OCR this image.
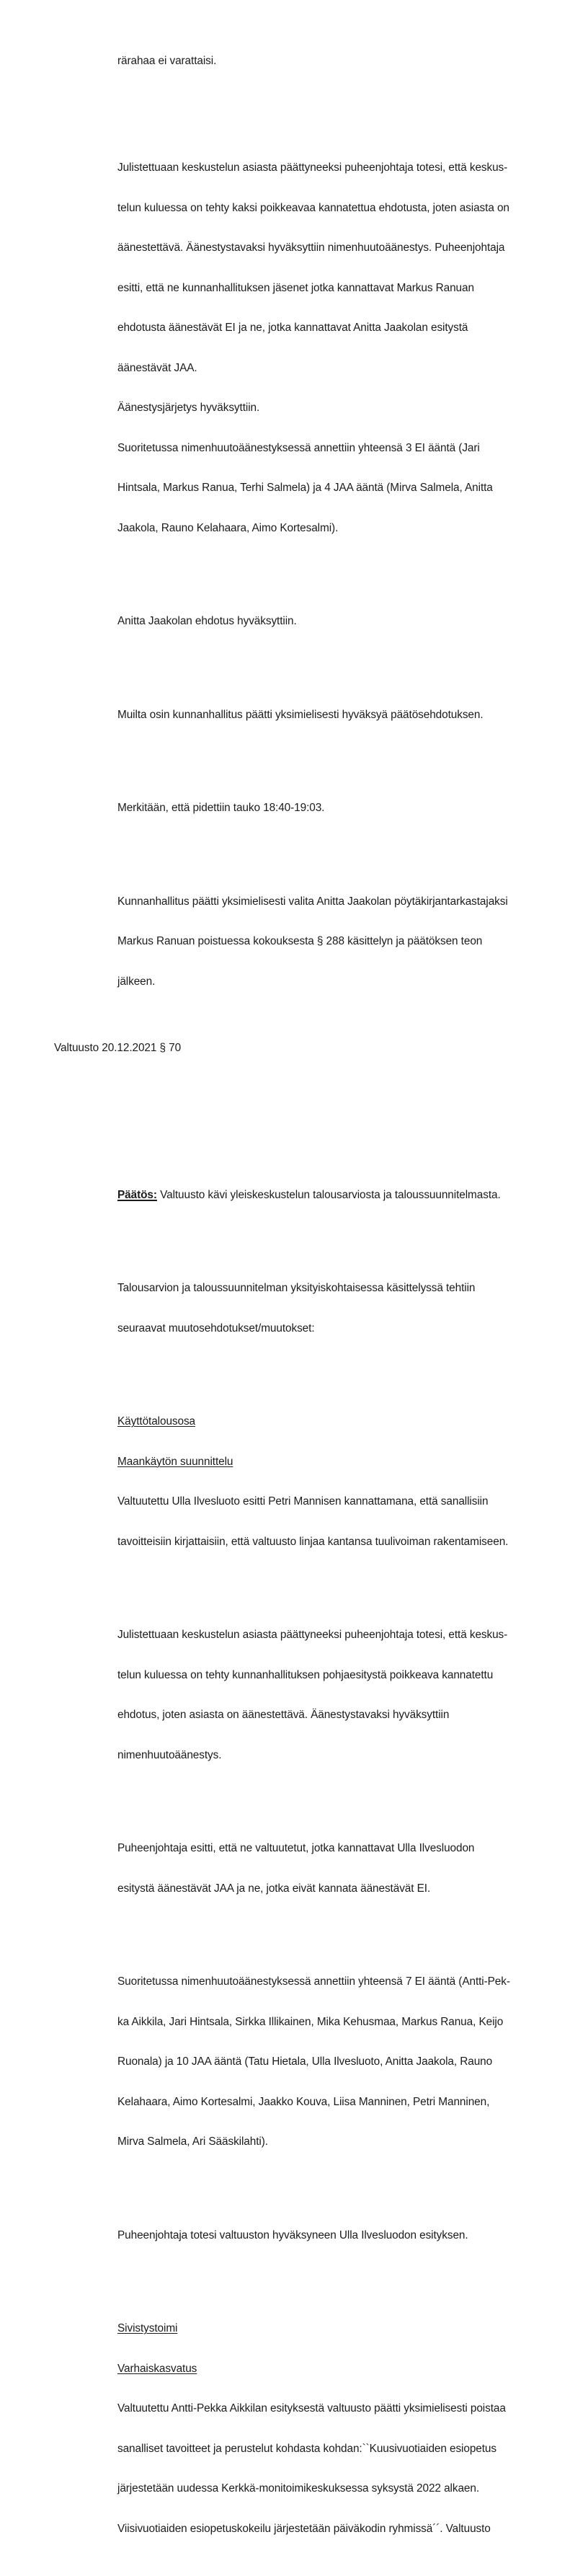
rärahaa ei varattaisi.

Julistettuaan keskustelun asiasta päättyneeksi puheenjohtaja totesi, että keskus-

telun kuluessa on tehty kaksi poikkeavaa kannatettua ehdotusta, joten asiasta on

äänestettävä. Äänestystavaksi hyväksyttiin nimenhuutoäänestys. Puheenjohtaja

esitti, että ne kunnanhallituksen jäsenet jotka kannattavat Markus Ranuan

ehdotusta äänestävät EI ja ne, jotka kannattavat Anitta Jaakolan esitystä

äänestävät JAA.

Äänestysjärjetys hyväksyttiin.

Suoritetussa nimenhuutoäänestyksessä annettiin yhteensä 3 EI ääntä (Jari

Hintsala, Markus Ranua, Terhi Salmela) ja 4 JAA ääntä (Mirva Salmela, Anitta

Jaakola, Rauno Kelahaara, Aimo Kortesalmi).

Anitta Jaakolan ehdotus hyväksyttiin.

Muilta osin kunnanhallitus päätti yksimielisesti hyväksyä päätösehdotuksen.

Merkitään, että pidettiin tauko 18:40-19:03.

Kunnanhallitus päätti yksimielisesti valita Anitta Jaakolan pöytäkirjantarkastajaksi

Markus Ranuan poistuessa kokouksesta § 288 käsittelyn ja päätöksen teon

jälkeen.

Valtuusto 20.12.2021 § 70

Päätös: Valtuusto kävi yleiskeskustelun talousarviosta ja taloussuunnitelmasta.

Talousarvion ja taloussuunnitelman yksityiskohtaisessa käsittelyssä tehtiin

seuraavat muutosehdotukset/muutokset:

Käyttötalousosa

Maankäytön suunnittelu

Valtuutettu Ulla Ilvesluoto esitti Petri Mannisen kannattamana, että sanallisiin

tavoitteisiin kirjattaisiin, että valtuusto linjaa kantansa tuulivoiman rakentamiseen.

Julistettuaan keskustelun asiasta päättyneeksi puheenjohtaja totesi, että keskus-

telun kuluessa on tehty kunnanhallituksen pohjaesitystä poikkeava kannatettu

ehdotus, joten asiasta on äänestettävä. Äänestystavaksi hyväksyttiin

nimenhuutoäänestys.

Puheenjohtaja esitti, että ne valtuutetut, jotka kannattavat Ulla Ilvesluodon

esitystä äänestävät JAA ja ne, jotka eivät kannata äänestävät EI.

Suoritetussa nimenhuutoäänestyksessä annettiin yhteensä 7 EI ääntä (Antti-Pek-

ka Aikkila, Jari Hintsala, Sirkka Illikainen, Mika Kehusmaa, Markus Ranua, Keijo

Ruonala) ja 10 JAA ääntä (Tatu Hietala, Ulla Ilvesluoto, Anitta Jaakola, Rauno

Kelahaara, Aimo Kortesalmi, Jaakko Kouva, Liisa Manninen, Petri Manninen,

Mirva Salmela, Ari Sääskilahti).

Puheenjohtaja totesi valtuuston hyväksyneen Ulla Ilvesluodon esityksen.

Sivistystoimi

Varhaiskasvatus

Valtuutettu Antti-Pekka Aikkilan esityksestä valtuusto päätti yksimielisesti poistaa

sanalliset tavoitteet ja perustelut kohdasta kohdan:``Kuusivuotiaiden esiopetus

järjestetään uudessa Kerkkä-monitoimikeskuksessa syksystä 2022 alkaen.

Viisivuotiaiden esiopetuskokeilu järjestetään päiväkodin ryhmissä´´. Valtuusto
